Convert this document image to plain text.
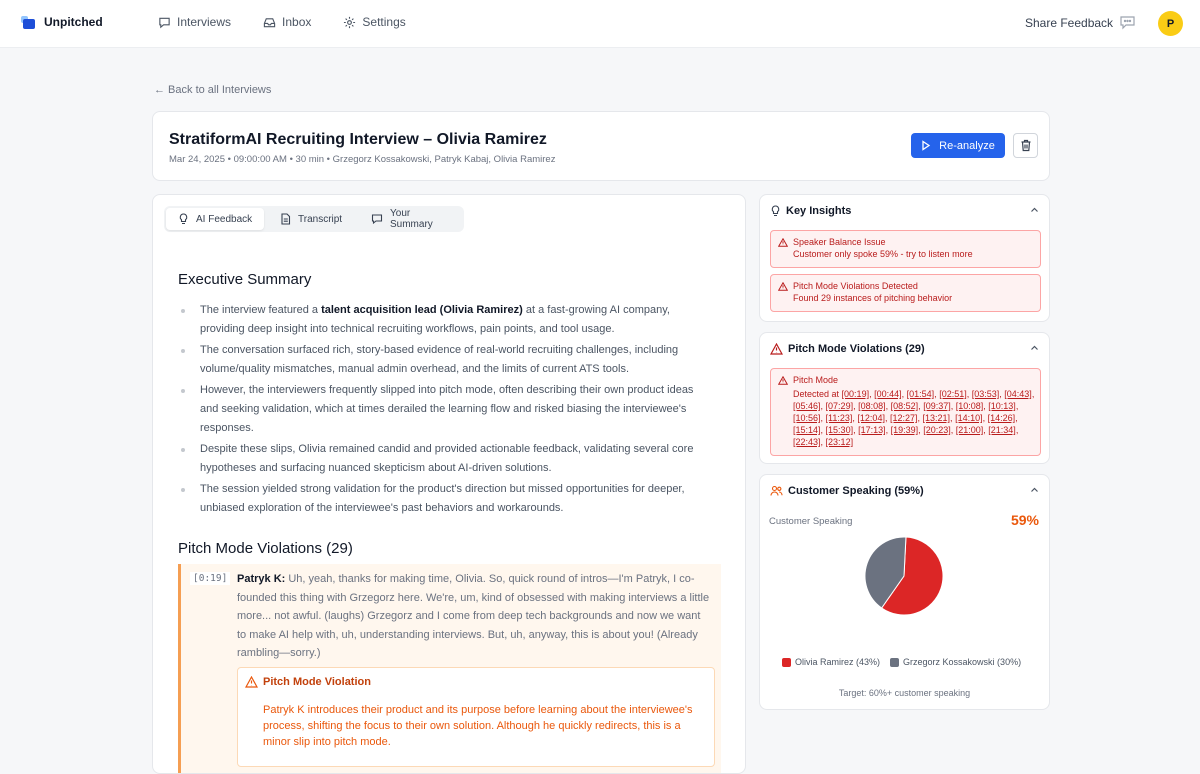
Unpitched	Interviews	Inbox	Settings	Share Feedback	P
← Back to all Interviews
StratiformAI Recruiting Interview – Olivia Ramirez
Mar 24, 2025 • 09:00:00 AM • 30 min • Grzegorz Kossakowski, Patryk Kabaj, Olivia Ramirez
Re-analyze
AI Feedback	Transcript	Your Summary
Executive Summary
The interview featured a talent acquisition lead (Olivia Ramirez) at a fast-growing AI company, providing deep insight into technical recruiting workflows, pain points, and tool usage.
The conversation surfaced rich, story-based evidence of real-world recruiting challenges, including volume/quality mismatches, manual admin overhead, and the limits of current ATS tools.
However, the interviewers frequently slipped into pitch mode, often describing their own product ideas and seeking validation, which at times derailed the learning flow and risked biasing the interviewee's responses.
Despite these slips, Olivia remained candid and provided actionable feedback, validating several core hypotheses and surfacing nuanced skepticism about AI-driven solutions.
The session yielded strong validation for the product's direction but missed opportunities for deeper, unbiased exploration of the interviewee's past behaviors and workarounds.
Pitch Mode Violations (29)
[0:19] Patryk K: Uh, yeah, thanks for making time, Olivia. So, quick round of intros—I'm Patryk, I co-founded this thing with Grzegorz here. We're, um, kind of obsessed with making interviews a little more... not awful. (laughs) Grzegorz and I come from deep tech backgrounds and now we want to make AI help with, uh, understanding interviews. But, uh, anyway, this is about you! (Already rambling—sorry.)
Pitch Mode Violation
Patryk K introduces their product and its purpose before learning about the interviewee's process, shifting the focus to their own solution. Although he quickly redirects, this is a minor slip into pitch mode.
Key Insights
Speaker Balance Issue
Customer only spoke 59% - try to listen more
Pitch Mode Violations Detected
Found 29 instances of pitching behavior
Pitch Mode Violations (29)
Pitch Mode
Detected at [00:19], [00:44], [01:54], [02:51], [03:53], [04:43], [05:46], [07:29], [08:08], [08:52], [09:37], [10:08], [10:13], [10:56], [11:23], [12:04], [12:27], [13:21], [14:10], [14:26], [15:14], [15:30], [17:13], [19:39], [20:23], [21:00], [21:34], [22:43], [23:12]
Customer Speaking (59%)
Customer Speaking	59%
Olivia Ramirez (43%)	Grzegorz Kossakowski (30%)
Target: 60%+ customer speaking
